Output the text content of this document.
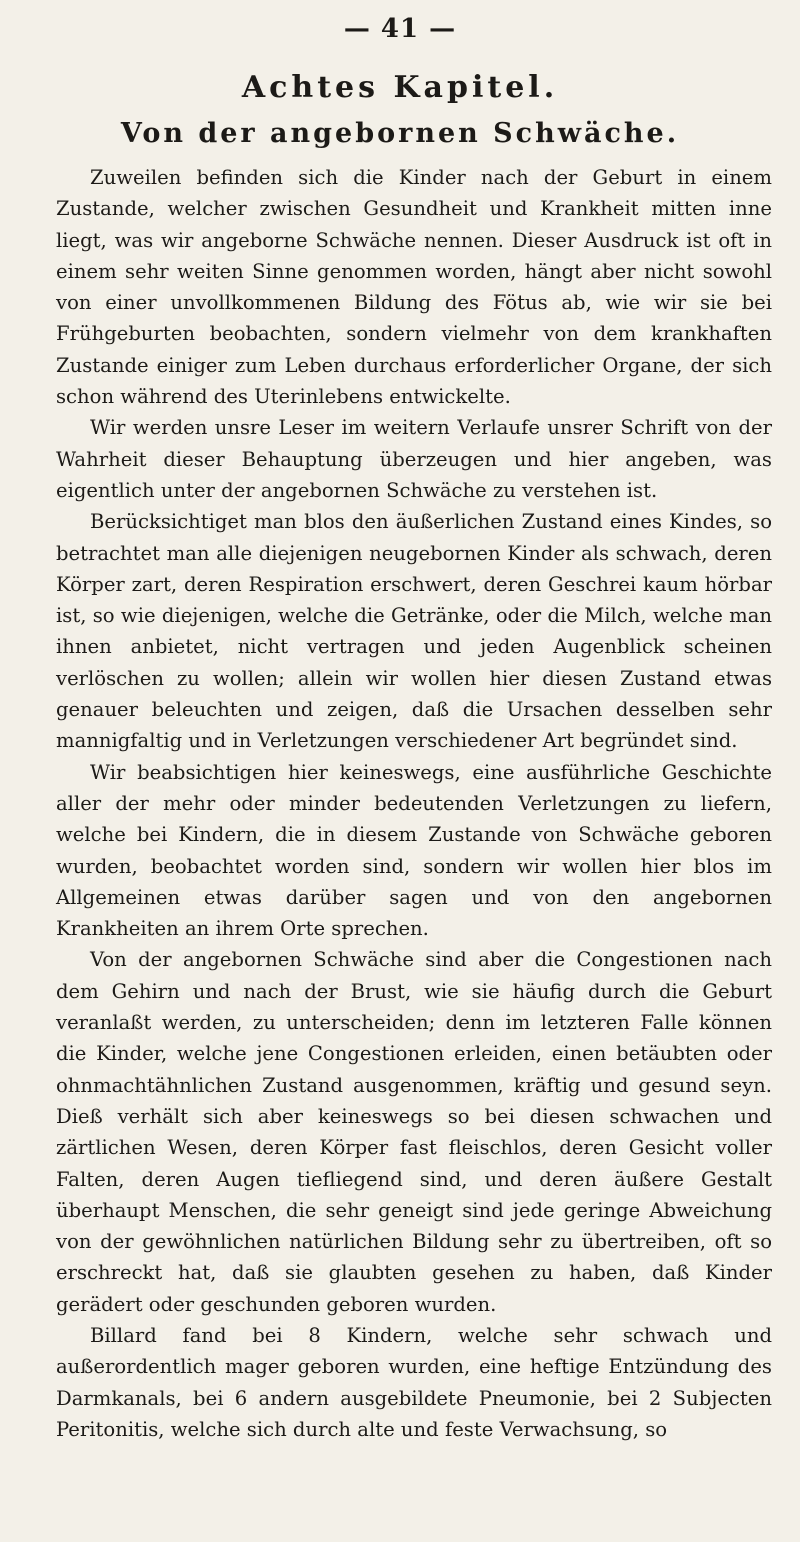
— 41 —
Achtes Kapitel.
Von der angebornen Schwäche.

Zuweilen befinden sich die Kinder nach der Geburt in einem Zustande, welcher zwischen Gesundheit und Krankheit mitten inne liegt, was wir angeborne Schwäche nennen. Dieser Ausdruck ist oft in einem sehr weiten Sinne genommen worden, hängt aber nicht sowohl von einer unvollkommenen Bildung des Fötus ab, wie wir sie bei Frühgeburten beobachten, sondern vielmehr von dem krankhaften Zustande einiger zum Leben durchaus erforderlicher Organe, der sich schon während des Uterinlebens entwickelte.

Wir werden unsre Leser im weitern Verlaufe unsrer Schrift von der Wahrheit dieser Behauptung überzeugen und hier angeben, was eigentlich unter der angebornen Schwäche zu verstehen ist.

Berücksichtiget man blos den äußerlichen Zustand eines Kindes, so betrachtet man alle diejenigen neugebornen Kinder als schwach, deren Körper zart, deren Respiration erschwert, deren Geschrei kaum hörbar ist, so wie diejenigen, welche die Getränke, oder die Milch, welche man ihnen anbietet, nicht vertragen und jeden Augenblick scheinen verlöschen zu wollen; allein wir wollen hier diesen Zustand etwas genauer beleuchten und zeigen, daß die Ursachen desselben sehr mannigfaltig und in Verletzungen verschiedener Art begründet sind.

Wir beabsichtigen hier keineswegs, eine ausführliche Geschichte aller der mehr oder minder bedeutenden Verletzungen zu liefern, welche bei Kindern, die in diesem Zustande von Schwäche geboren wurden, beobachtet worden sind, sondern wir wollen hier blos im Allgemeinen etwas darüber sagen und von den angebornen Krankheiten an ihrem Orte sprechen.

Von der angebornen Schwäche sind aber die Congestionen nach dem Gehirn und nach der Brust, wie sie häufig durch die Geburt veranlaßt werden, zu unterscheiden; denn im letzteren Falle können die Kinder, welche jene Congestionen erleiden, einen betäubten oder ohnmachtähnlichen Zustand ausgenommen, kräftig und gesund seyn. Dieß verhält sich aber keineswegs so bei diesen schwachen und zärtlichen Wesen, deren Körper fast fleischlos, deren Gesicht voller Falten, deren Augen tiefliegend sind, und deren äußere Gestalt überhaupt Menschen, die sehr geneigt sind jede geringe Abweichung von der gewöhnlichen natürlichen Bildung sehr zu übertreiben, oft so erschreckt hat, daß sie glaubten gesehen zu haben, daß Kinder gerädert oder geschunden geboren wurden.

Billard fand bei 8 Kindern, welche sehr schwach und außerordentlich mager geboren wurden, eine heftige Entzündung des Darmkanals, bei 6 andern ausgebildete Pneumonie, bei 2 Subjecten Peritonitis, welche sich durch alte und feste Verwachsung, so
